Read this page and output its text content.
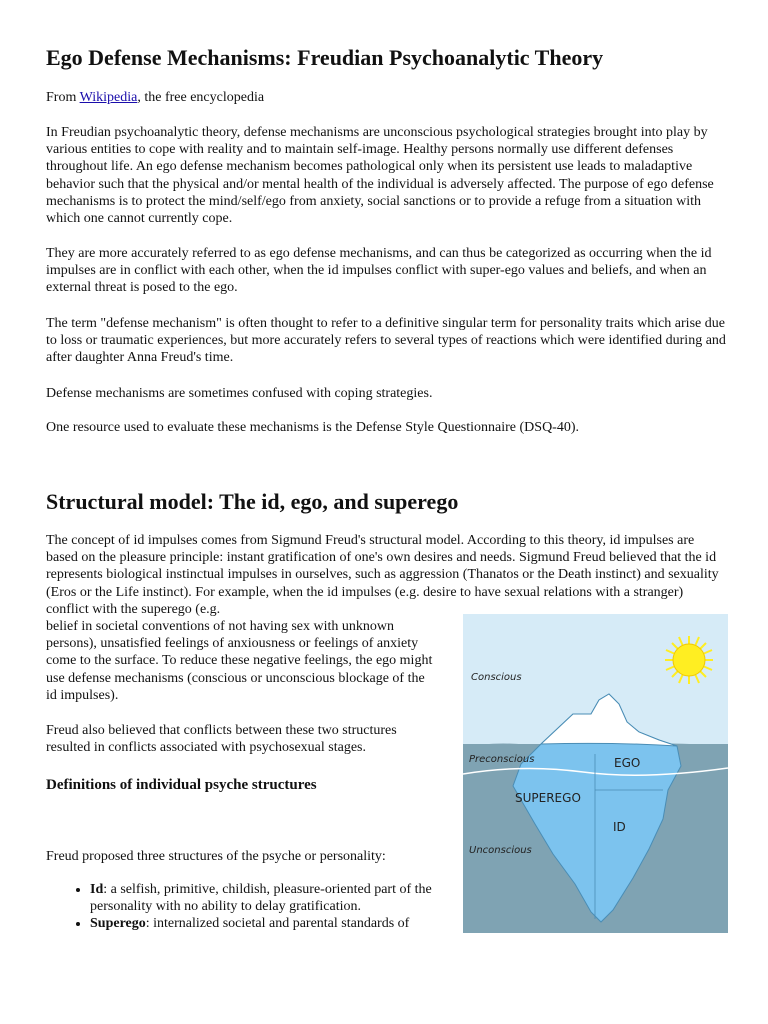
Ego Defense Mechanisms: Freudian Psychoanalytic Theory

From Wikipedia, the free encyclopedia

In Freudian psychoanalytic theory, defense mechanisms are unconscious psychological strategies brought into play by various entities to cope with reality and to maintain self-image. Healthy persons normally use different defenses throughout life. An ego defense mechanism becomes pathological only when its persistent use leads to maladaptive behavior such that the physical and/or mental health of the individual is adversely affected. The purpose of ego defense mechanisms is to protect the mind/self/ego from anxiety, social sanctions or to provide a refuge from a situation with which one cannot currently cope.

They are more accurately referred to as ego defense mechanisms, and can thus be categorized as occurring when the id impulses are in conflict with each other, when the id impulses conflict with super-ego values and beliefs, and when an external threat is posed to the ego.

The term "defense mechanism" is often thought to refer to a definitive singular term for personality traits which arise due to loss or traumatic experiences, but more accurately refers to several types of reactions which were identified during and after daughter Anna Freud's time.

Defense mechanisms are sometimes confused with coping strategies.

One resource used to evaluate these mechanisms is the Defense Style Questionnaire (DSQ-40).

Structural model: The id, ego, and superego

The concept of id impulses comes from Sigmund Freud's structural model. According to this theory, id impulses are based on the pleasure principle: instant gratification of one's own desires and needs. Sigmund Freud believed that the id represents biological instinctual impulses in ourselves, such as aggression (Thanatos or the Death instinct) and sexuality (Eros or the Life instinct). For example, when the id impulses (e.g. desire to have sexual relations with a stranger) conflict with the superego (e.g.

belief in societal conventions of not having sex with unknown persons), unsatisfied feelings of anxiousness or feelings of anxiety come to the surface. To reduce these negative feelings, the ego might use defense mechanisms (conscious or unconscious blockage of the id impulses).

Freud also believed that conflicts between these two structures resulted in conflicts associated with psychosexual stages.

Definitions of individual psyche structures

Freud proposed three structures of the psyche or personality:

• Id: a selfish, primitive, childish, pleasure-oriented part of the personality with no ability to delay gratification.
• Superego: internalized societal and parental standards of
Conscious
Preconscious
Unconscious
EGO
SUPEREGO
ID
